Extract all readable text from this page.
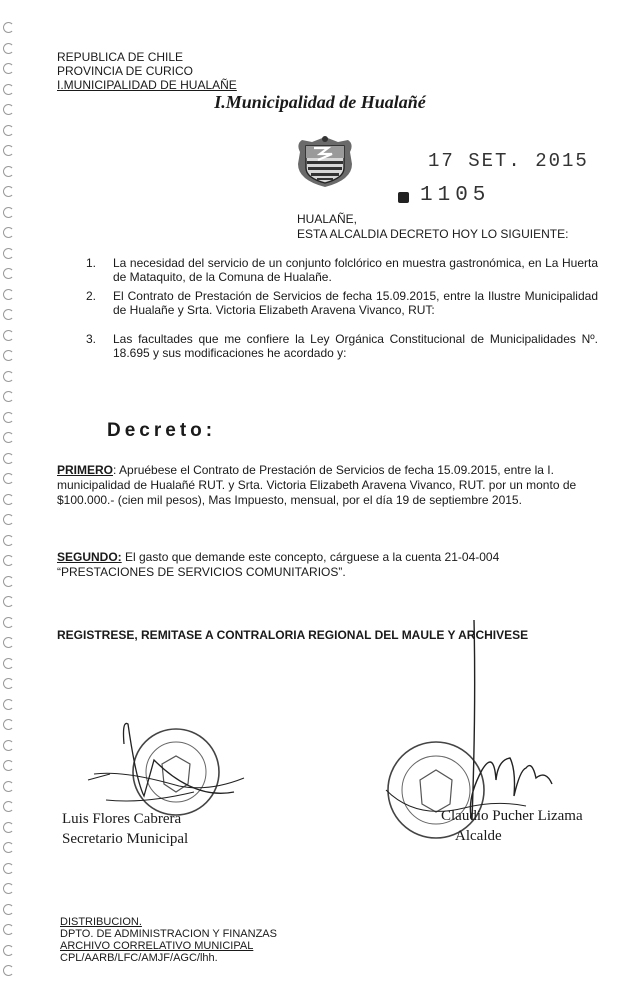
REPUBLICA DE CHILE
PROVINCIA DE CURICO
I.MUNICIPALIDAD DE HUALAÑE
I.Municipalidad de Hualañé
17 SET. 2015
1105
HUALAÑE,
ESTA ALCALDIA DECRETO HOY LO SIGUIENTE:
1. La necesidad del servicio de un conjunto folclórico en muestra gastronómica, en La Huerta de Mataquito, de la Comuna de Hualañe.
2. El Contrato de Prestación de Servicios de fecha 15.09.2015, entre la Ilustre Municipalidad de Hualañe y Srta. Victoria Elizabeth Aravena Vivanco, RUT:
3. Las facultades que me confiere la Ley Orgánica Constitucional de Municipalidades Nº. 18.695 y sus modificaciones he acordado y:
Decreto:
PRIMERO: Apruébese el Contrato de Prestación de Servicios de fecha 15.09.2015, entre la I. municipalidad de Hualañé RUT. y Srta. Victoria Elizabeth Aravena Vivanco, RUT. por un monto de $100.000.- (cien mil pesos), Mas Impuesto, mensual, por el día 19 de septiembre 2015.
SEGUNDO: El gasto que demande este concepto, cárguese a la cuenta 21-04-004 “PRESTACIONES DE SERVICIOS COMUNITARIOS”.
REGISTRESE, REMITASE A CONTRALORIA REGIONAL DEL MAULE Y ARCHIVESE
Luis Flores Cabrera
Secretario Municipal
Claudio Pucher Lizama
Alcalde
DISTRIBUCION.
DPTO. DE ADMINISTRACION Y FINANZAS
ARCHIVO CORRELATIVO MUNICIPAL
CPL/AARB/LFC/AMJF/AGC/lhh.
